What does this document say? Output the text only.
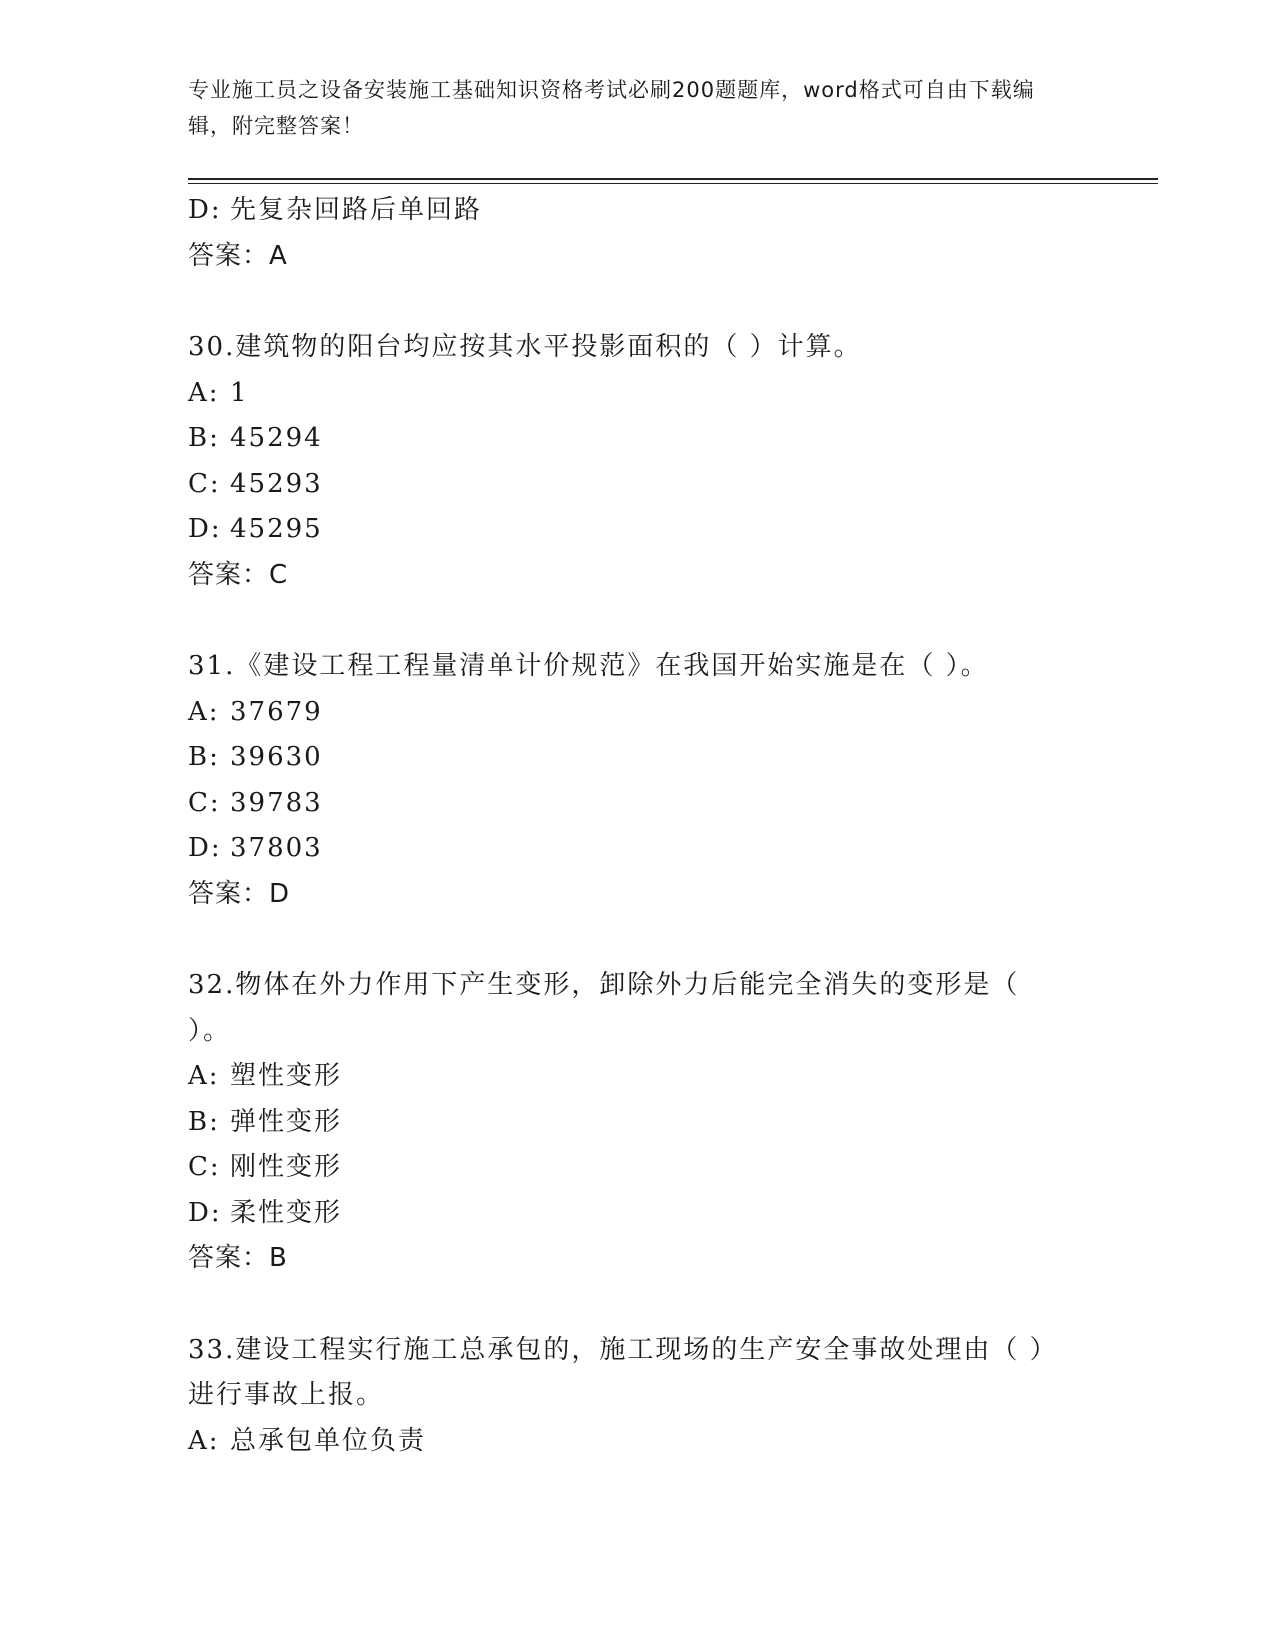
专业施工员之设备安装施工基础知识资格考试必刷200题题库，word格式可自由下载编辑，附完整答案！
D: 先复杂回路后单回路
答案：A
30.建筑物的阳台均应按其水平投影面积的（ ）计算。
A: 1
B: 45294
C: 45293
D: 45295
答案：C
31.《建设工程工程量清单计价规范》在我国开始实施是在（ ）。
A: 37679
B: 39630
C: 39783
D: 37803
答案：D
32.物体在外力作用下产生变形，卸除外力后能完全消失的变形是（ ）。
A: 塑性变形
B: 弹性变形
C: 刚性变形
D: 柔性变形
答案：B
33.建设工程实行施工总承包的，施工现场的生产安全事故处理由（ ）进行事故上报。
A: 总承包单位负责
